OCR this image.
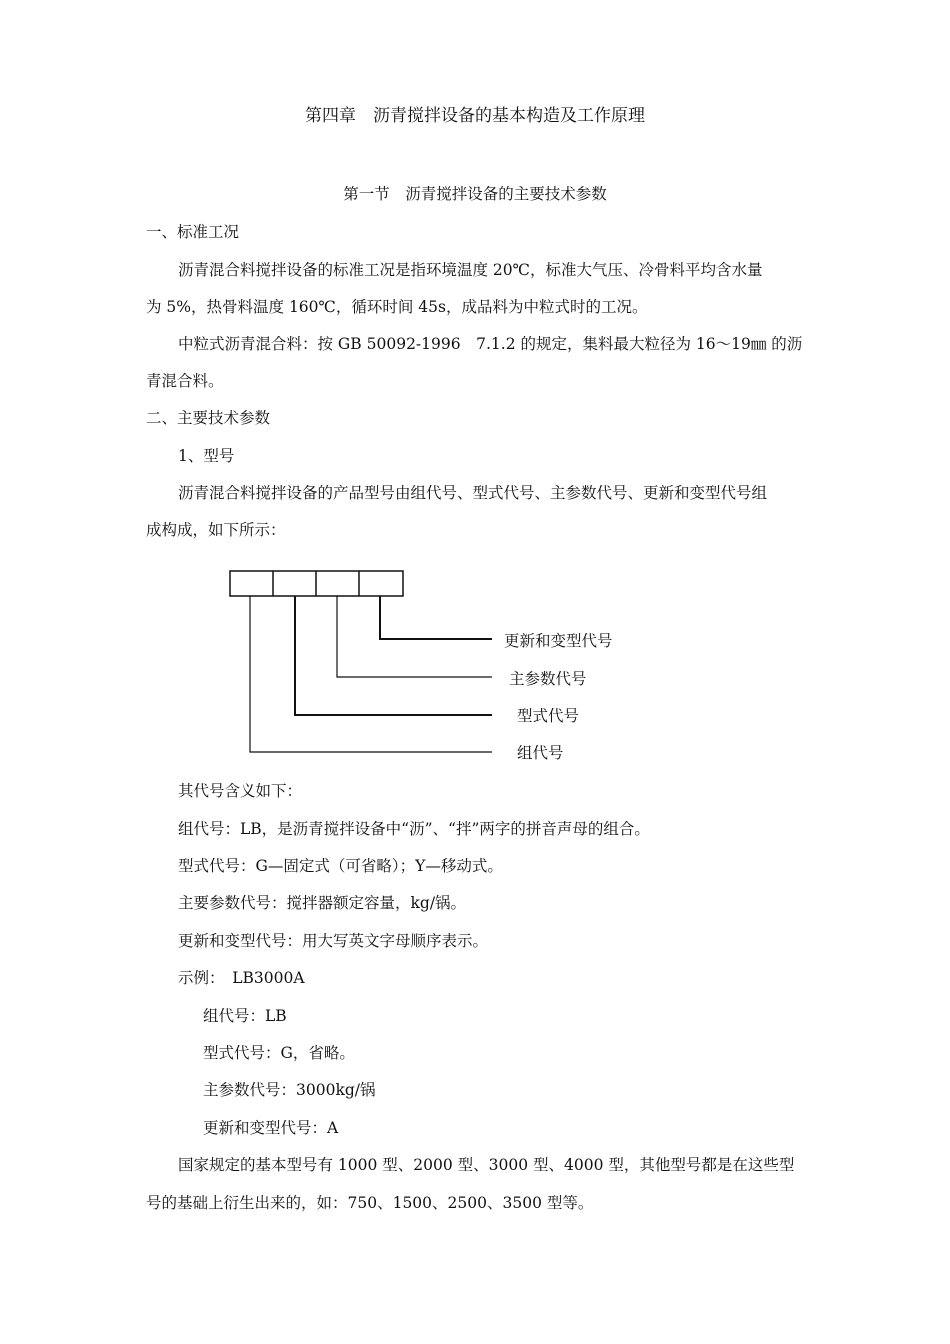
第四章　沥青搅拌设备的基本构造及工作原理
第一节　沥青搅拌设备的主要技术参数
一、标准工况
沥青混合料搅拌设备的标准工况是指环境温度 20℃，标准大气压、冷骨料平均含水量
为 5%，热骨料温度 160℃，循环时间 45s，成品料为中粒式时的工况。
中粒式沥青混合料：按 GB 50092-1996　7.1.2 的规定，集料最大粒径为 16～19㎜ 的沥
青混合料。
二、主要技术参数
1、型号
沥青混合料搅拌设备的产品型号由组代号、型式代号、主参数代号、更新和变型代号组
成构成，如下所示：
更新和变型代号
主参数代号
型式代号
组代号
其代号含义如下：
组代号：LB，是沥青搅拌设备中“沥”、“拌”两字的拼音声母的组合。
型式代号：G—固定式（可省略）；Y—移动式。
主要参数代号：搅拌器额定容量，kg/锅。
更新和变型代号：用大写英文字母顺序表示。
示例：　LB3000A
组代号：LB
型式代号：G，省略。
主参数代号：3000kg/锅
更新和变型代号：A
国家规定的基本型号有 1000 型、2000 型、3000 型、4000 型，其他型号都是在这些型
号的基础上衍生出来的，如：750、1500、2500、3500 型等。
